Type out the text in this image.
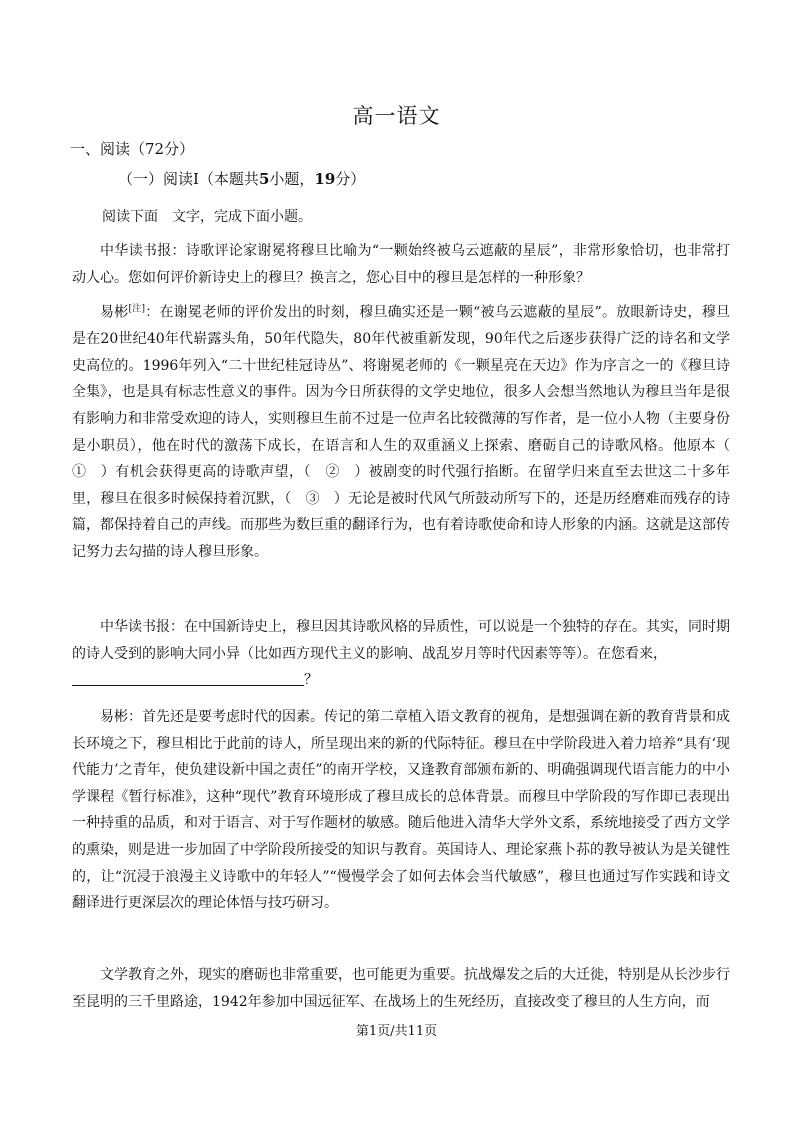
高一语文
一、阅读（72分）
（一）阅读Ⅰ（本题共5小题，19分）
阅读下面　文字，完成下面小题。

中华读书报：诗歌评论家谢冕将穆旦比喻为“一颗始终被乌云遮蔽的星辰”，非常形象恰切，也非常打动人心。您如何评价新诗史上的穆旦？换言之，您心目中的穆旦是怎样的一种形象？

易彬[注]：在谢冕老师的评价发出的时刻，穆旦确实还是一颗“被乌云遮蔽的星辰”。放眼新诗史，穆旦是在20世纪40年代崭露头角，50年代隐失，80年代被重新发现，90年代之后逐步获得广泛的诗名和文学史高位的。1996年列入“二十世纪桂冠诗丛”、将谢冕老师的《一颗星亮在天边》作为序言之一的《穆旦诗全集》，也是具有标志性意义的事件。因为今日所获得的文学史地位，很多人会想当然地认为穆旦当年是很有影响力和非常受欢迎的诗人，实则穆旦生前不过是一位声名比较微薄的写作者，是一位小人物（主要身份是小职员），他在时代的激荡下成长，在语言和人生的双重涵义上探索、磨砺自己的诗歌风格。他原本（　①　）有机会获得更高的诗歌声望，（　②　）被剧变的时代强行掐断。在留学归来直至去世这二十多年里，穆旦在很多时候保持着沉默，（　③　）无论是被时代风气所鼓动所写下的，还是历经磨难而残存的诗篇，都保持着自己的声线。而那些为数巨重的翻译行为，也有着诗歌使命和诗人形象的内涵。这就是这部传记努力去勾描的诗人穆旦形象。

中华读书报：在中国新诗史上，穆旦因其诗歌风格的异质性，可以说是一个独特的存在。其实，同时期的诗人受到的影响大同小异（比如西方现代主义的影响、战乱岁月等时代因素等等）。在您看来，
？

易彬：首先还是要考虑时代的因素。传记的第二章植入语文教育的视角，是想强调在新的教育背景和成长环境之下，穆旦相比于此前的诗人，所呈现出来的新的代际特征。穆旦在中学阶段进入着力培养“具有‘现代能力’之青年，使负建设新中国之责任”的南开学校，又逢教育部颁布新的、明确强调现代语言能力的中小学课程《暂行标准》，这种“现代”教育环境形成了穆旦成长的总体背景。而穆旦中学阶段的写作即已表现出一种持重的品质，和对于语言、对于写作题材的敏感。随后他进入清华大学外文系，系统地接受了西方文学的熏染，则是进一步加固了中学阶段所接受的知识与教育。英国诗人、理论家燕卜荪的教导被认为是关键性的，让“沉浸于浪漫主义诗歌中的年轻人”“慢慢学会了如何去体会当代敏感”，穆旦也通过写作实践和诗文翻译进行更深层次的理论体悟与技巧研习。

文学教育之外，现实的磨砺也非常重要，也可能更为重要。抗战爆发之后的大迁徙，特别是从长沙步行至昆明的三千里路途，1942年参加中国远征军、在战场上的生死经历，直接改变了穆旦的人生方向，而

第1页/共11页
